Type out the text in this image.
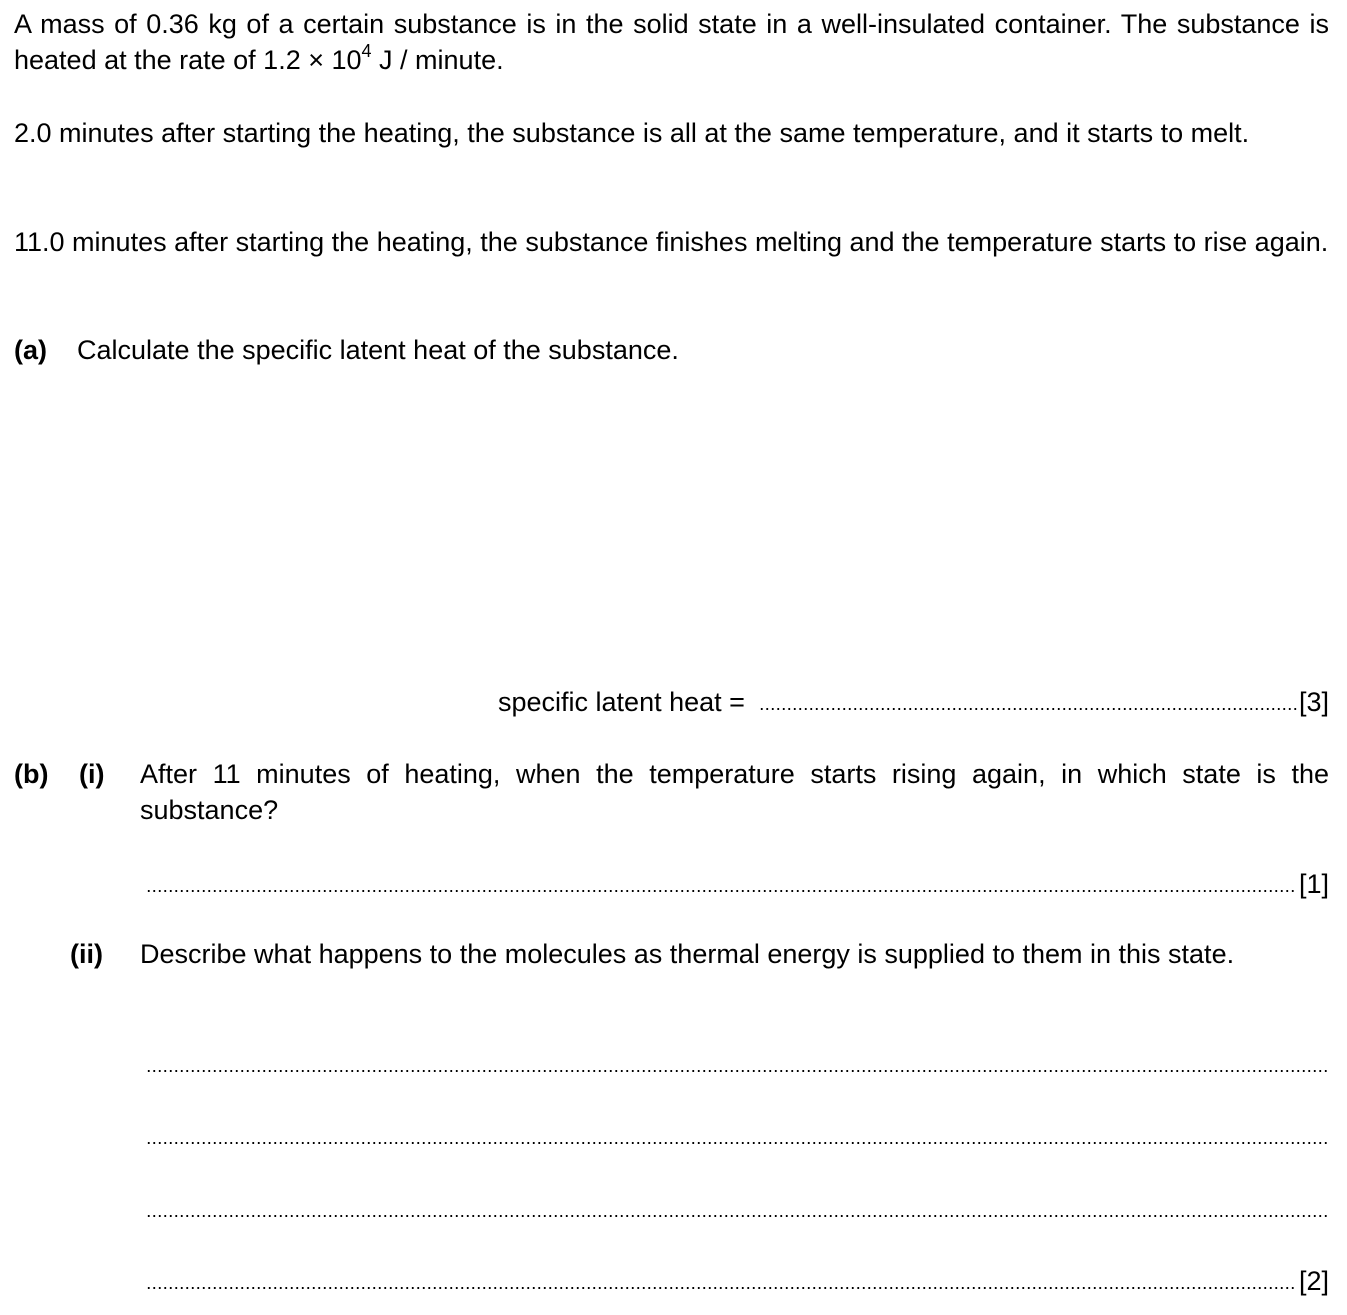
A mass of 0.36 kg of a certain substance is in the solid state in a well-insulated container. The substance is heated at the rate of $1.2 \times 10^4$ J / minute.

2.0 minutes after starting the heating, the substance is all at the same temperature, and it starts to melt.

11.0 minutes after starting the heating, the substance finishes melting and the temperature starts to rise again.

(a) Calculate the specific latent heat of the substance.

specific latent heat =	[3]

(b) (i) After 11 minutes of heating, when the temperature starts rising again, in which state is the substance?

[1]

(ii) Describe what happens to the molecules as thermal energy is supplied to them in this state.

[2]
